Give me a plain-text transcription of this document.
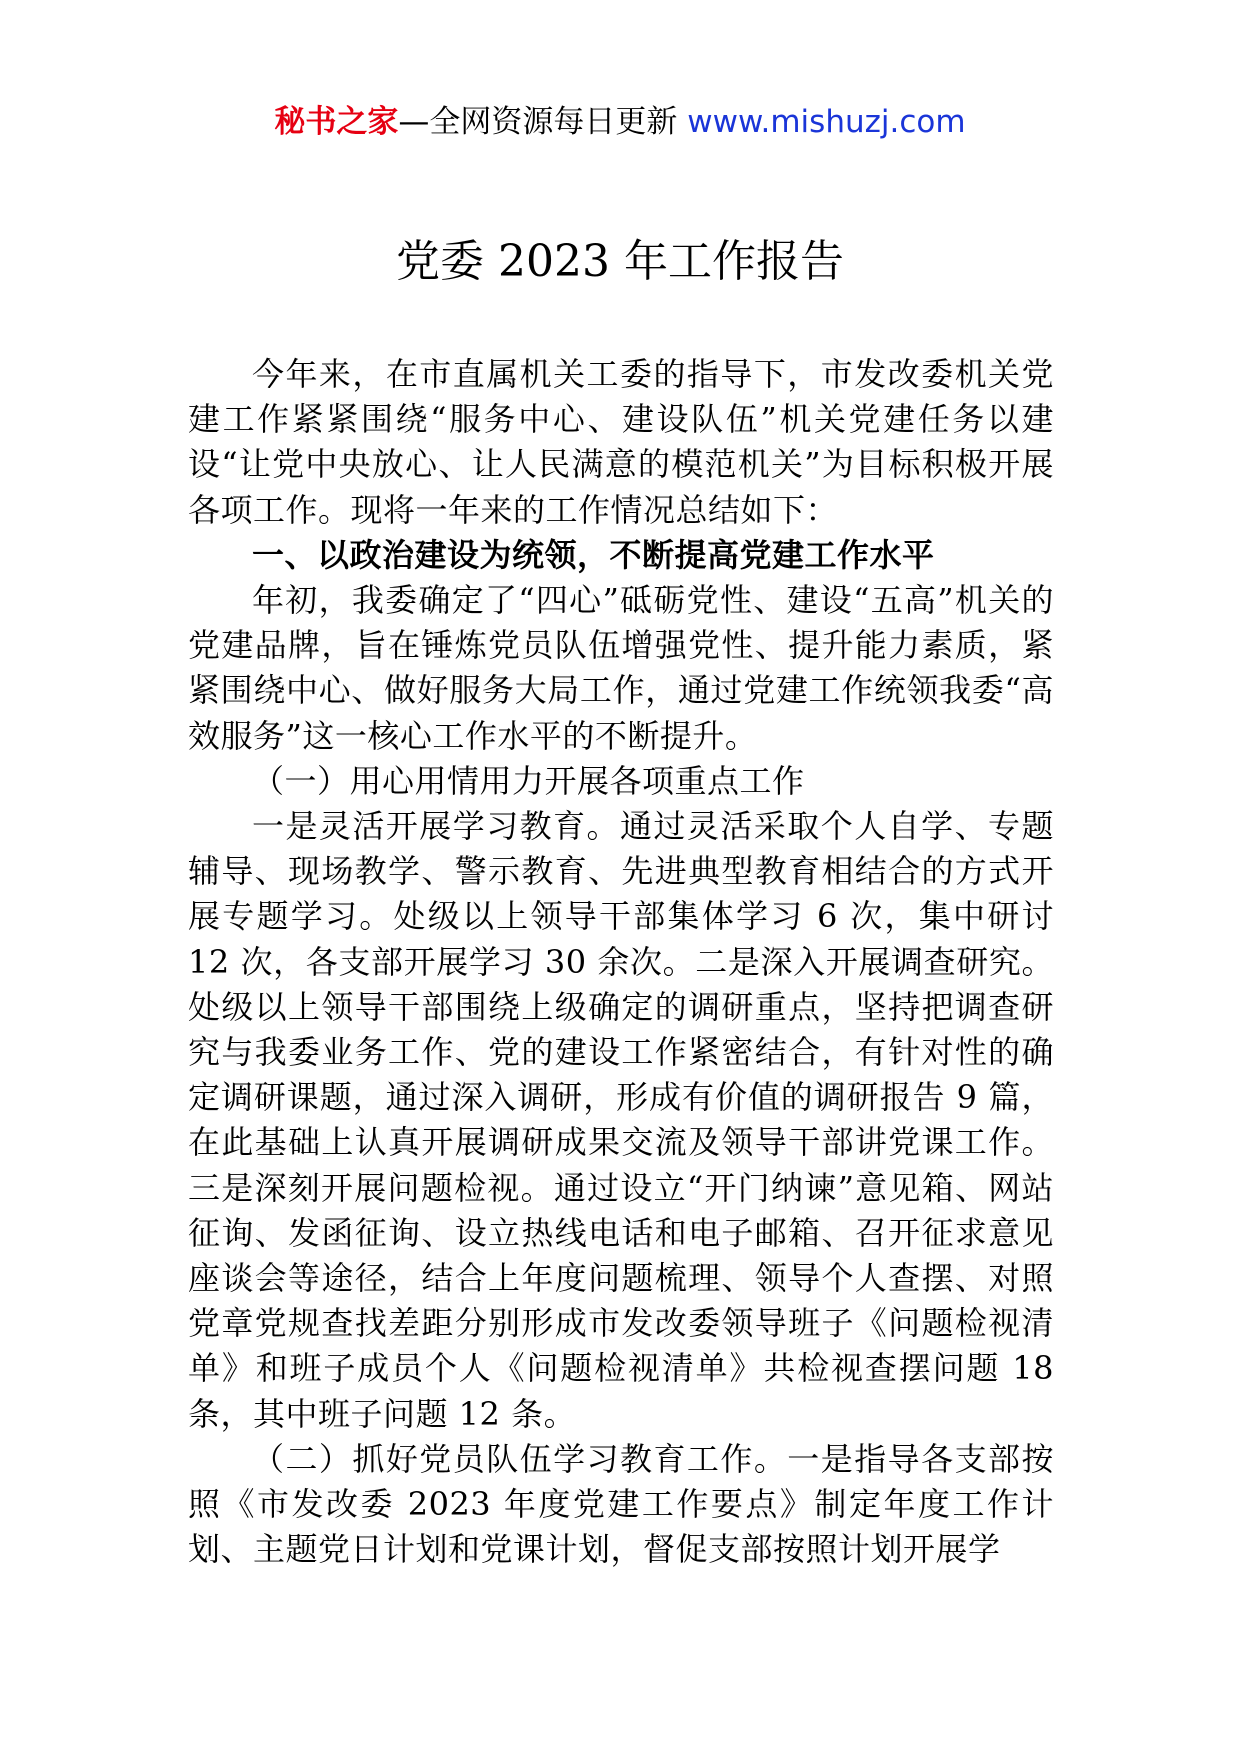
秘书之家—全网资源每日更新 www.mishuzj.com
党委 2023 年工作报告

今年来，在市直属机关工委的指导下，市发改委机关党建工作紧紧围绕“服务中心、建设队伍”机关党建任务以建设“让党中央放心、让人民满意的模范机关”为目标积极开展各项工作。现将一年来的工作情况总结如下：

一、以政治建设为统领，不断提高党建工作水平

年初，我委确定了“四心”砥砺党性、建设“五高”机关的党建品牌，旨在锤炼党员队伍增强党性、提升能力素质，紧紧围绕中心、做好服务大局工作，通过党建工作统领我委“高效服务”这一核心工作水平的不断提升。

（一）用心用情用力开展各项重点工作

一是灵活开展学习教育。通过灵活采取个人自学、专题辅导、现场教学、警示教育、先进典型教育相结合的方式开展专题学习。处级以上领导干部集体学习 6 次，集中研讨 12 次，各支部开展学习 30 余次。二是深入开展调查研究。处级以上领导干部围绕上级确定的调研重点，坚持把调查研究与我委业务工作、党的建设工作紧密结合，有针对性的确定调研课题，通过深入调研，形成有价值的调研报告 9 篇，在此基础上认真开展调研成果交流及领导干部讲党课工作。三是深刻开展问题检视。通过设立“开门纳谏”意见箱、网站征询、发函征询、设立热线电话和电子邮箱、召开征求意见座谈会等途径，结合上年度问题梳理、领导个人查摆、对照党章党规查找差距分别形成市发改委领导班子《问题检视清单》和班子成员个人《问题检视清单》共检视查摆问题 18 条，其中班子问题 12 条。

（二）抓好党员队伍学习教育工作。一是指导各支部按照《市发改委 2023 年度党建工作要点》制定年度工作计划、主题党日计划和党课计划，督促支部按照计划开展学
